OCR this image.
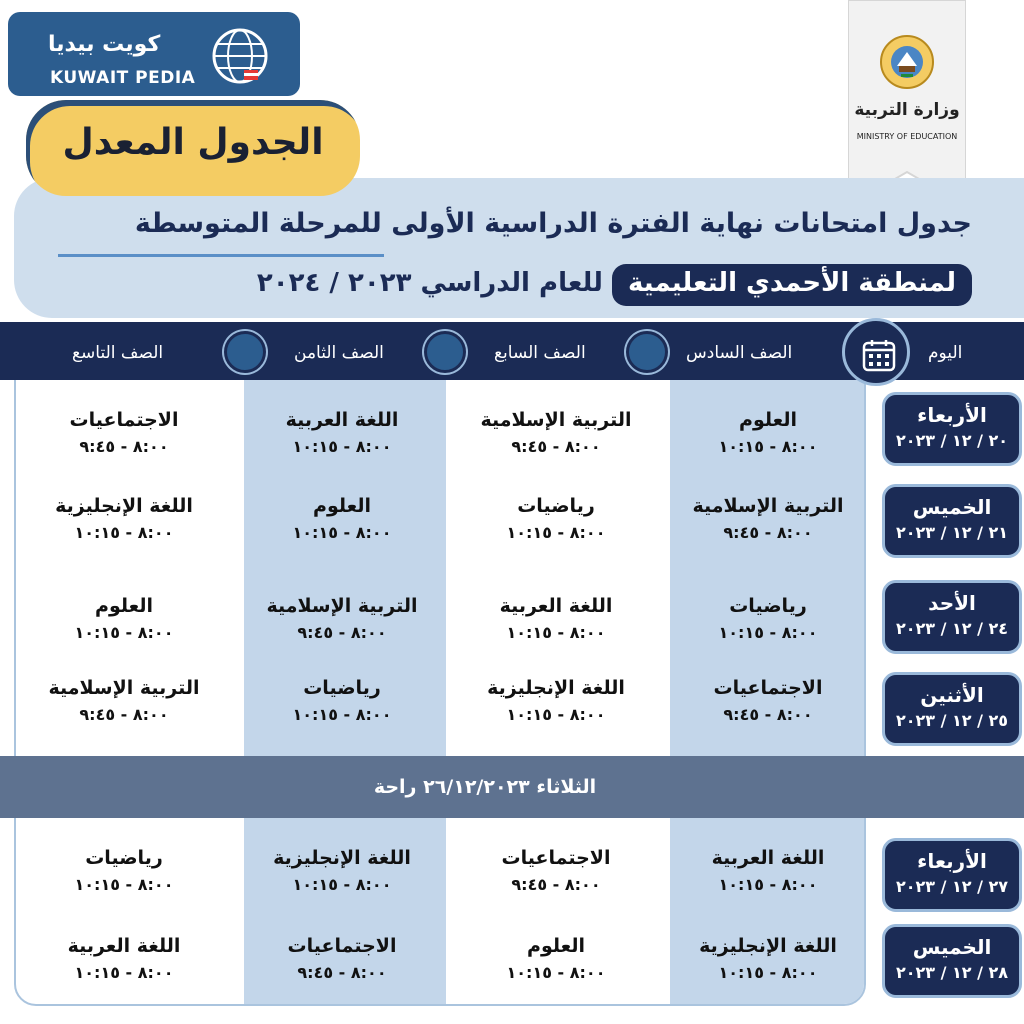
كويت بيديا
KUWAIT PEDIA
وزارة التربية
MINISTRY OF EDUCATION
الجدول المعدل
جدول امتحانات نهاية الفترة الدراسية الأولى للمرحلة المتوسطة
لمنطقة الأحمدي التعليمية للعام الدراسي ٢٠٢٣ / ٢٠٢٤
اليوم
الصف السادس
الصف السابع
الصف الثامن
الصف التاسع
الثلاثاء ٢٦/١٢/٢٠٢٣ راحة
الأربعاء
٢٠ / ١٢ / ٢٠٢٣
العلوم
٨:٠٠ - ١٠:١٥
التربية الإسلامية
٨:٠٠ - ٩:٤٥
اللغة العربية
٨:٠٠ - ١٠:١٥
الاجتماعيات
٨:٠٠ - ٩:٤٥
الخميس
٢١ / ١٢ / ٢٠٢٣
التربية الإسلامية
٨:٠٠ - ٩:٤٥
رياضيات
٨:٠٠ - ١٠:١٥
العلوم
٨:٠٠ - ١٠:١٥
اللغة الإنجليزية
٨:٠٠ - ١٠:١٥
الأحد
٢٤ / ١٢ / ٢٠٢٣
رياضيات
٨:٠٠ - ١٠:١٥
اللغة العربية
٨:٠٠ - ١٠:١٥
التربية الإسلامية
٨:٠٠ - ٩:٤٥
العلوم
٨:٠٠ - ١٠:١٥
الأثنين
٢٥ / ١٢ / ٢٠٢٣
الاجتماعيات
٨:٠٠ - ٩:٤٥
اللغة الإنجليزية
٨:٠٠ - ١٠:١٥
رياضيات
٨:٠٠ - ١٠:١٥
التربية الإسلامية
٨:٠٠ - ٩:٤٥
الأربعاء
٢٧ / ١٢ / ٢٠٢٣
اللغة العربية
٨:٠٠ - ١٠:١٥
الاجتماعيات
٨:٠٠ - ٩:٤٥
اللغة الإنجليزية
٨:٠٠ - ١٠:١٥
رياضيات
٨:٠٠ - ١٠:١٥
الخميس
٢٨ / ١٢ / ٢٠٢٣
اللغة الإنجليزية
٨:٠٠ - ١٠:١٥
العلوم
٨:٠٠ - ١٠:١٥
الاجتماعيات
٨:٠٠ - ٩:٤٥
اللغة العربية
٨:٠٠ - ١٠:١٥
